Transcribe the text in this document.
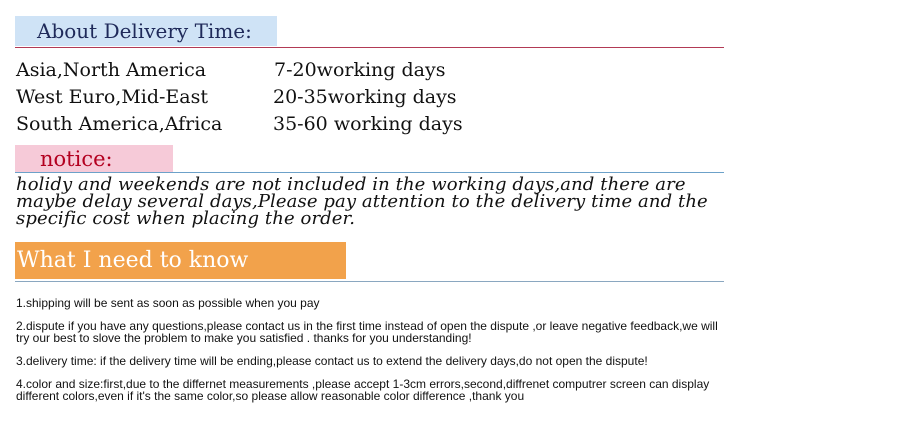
About Delivery Time:
Asia,North America	7-20working days
West Euro,Mid-East	20-35working days
South America,Africa	35-60 working days
notice:
holidy and weekends are not included in the working days,and there are maybe delay several days,Please pay attention to the delivery time and the specific cost when placing the order.
What I need to know
1.shipping will be sent as soon as possible when you pay
2.dispute if you have any questions,please contact us in the first time instead of open the dispute ,or leave negative feedback,we will try our best to slove the problem to make you satisfied . thanks for you understanding!
3.delivery time: if the delivery time will be ending,please contact us to extend the delivery days,do not open the dispute!
4.color and size:first,due to the differnet measurements ,please accept 1-3cm errors,second,diffrenet computrer screen can display different colors,even if it's the same color,so please allow reasonable color difference ,thank you
